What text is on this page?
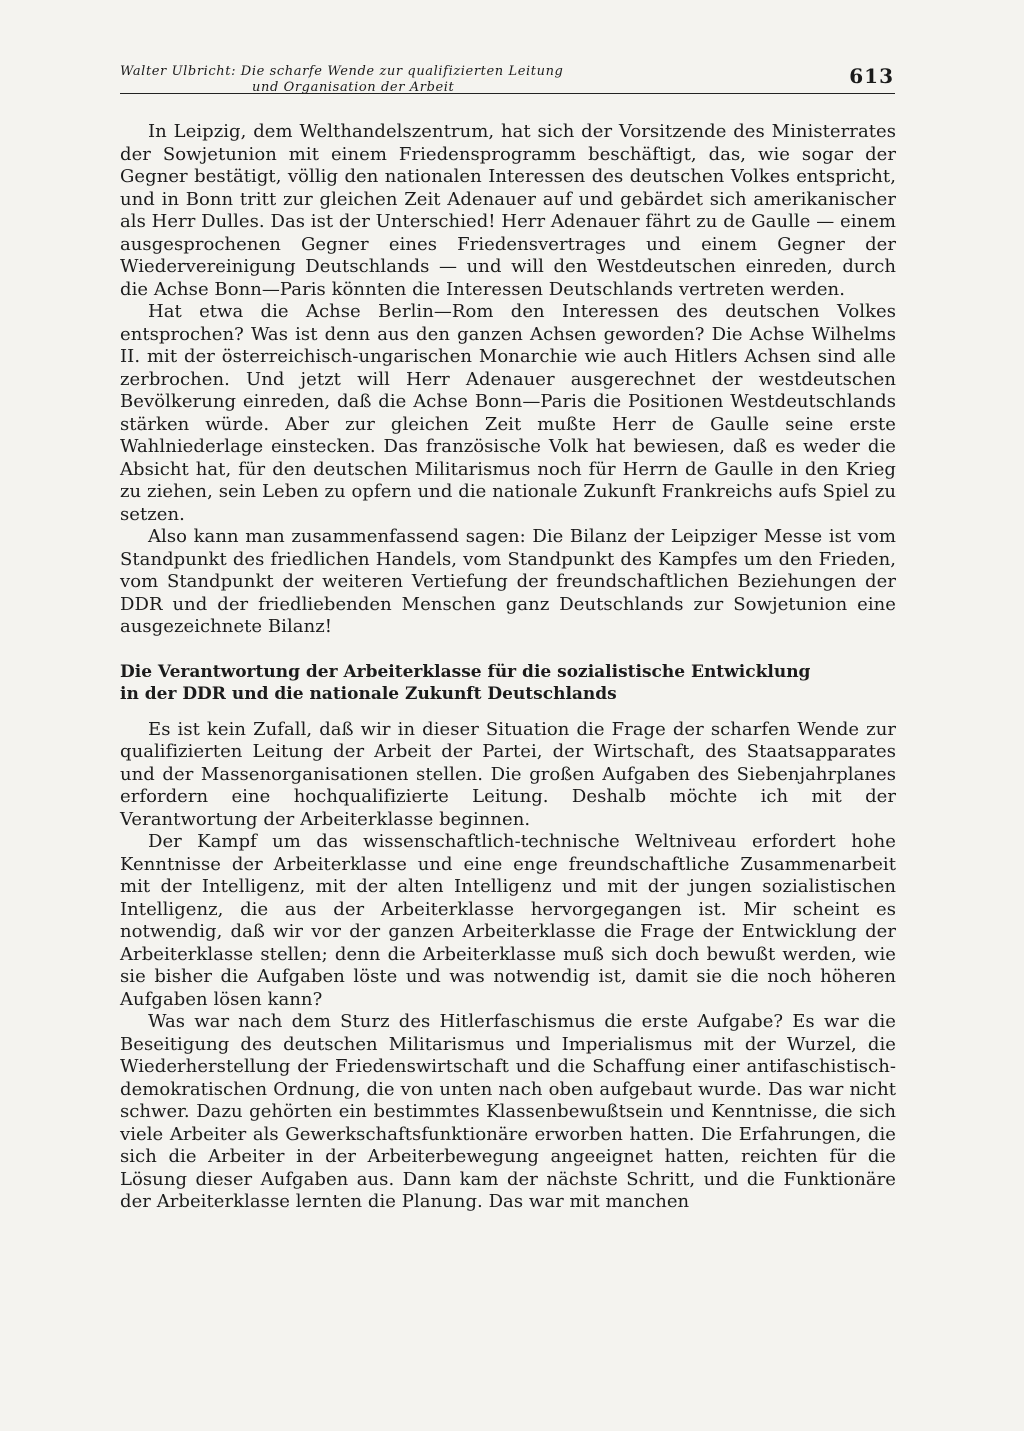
Walter Ulbricht: Die scharfe Wende zur qualifizierten Leitung
und Organisation der Arbeit	613

In Leipzig, dem Welthandelszentrum, hat sich der Vorsitzende des Ministerrates der Sowjetunion mit einem Friedensprogramm beschäftigt, das, wie sogar der Gegner bestätigt, völlig den nationalen Interessen des deutschen Volkes entspricht, und in Bonn tritt zur gleichen Zeit Adenauer auf und gebärdet sich amerikanischer als Herr Dulles. Das ist der Unterschied! Herr Adenauer fährt zu de Gaulle — einem ausgesprochenen Gegner eines Friedensvertrages und einem Gegner der Wiedervereinigung Deutschlands — und will den Westdeutschen einreden, durch die Achse Bonn—Paris könnten die Interessen Deutschlands vertreten werden.

Hat etwa die Achse Berlin—Rom den Interessen des deutschen Volkes entsprochen? Was ist denn aus den ganzen Achsen geworden? Die Achse Wilhelms II. mit der österreichisch-ungarischen Monarchie wie auch Hitlers Achsen sind alle zerbrochen. Und jetzt will Herr Adenauer ausgerechnet der westdeutschen Bevölkerung einreden, daß die Achse Bonn—Paris die Positionen Westdeutschlands stärken würde. Aber zur gleichen Zeit mußte Herr de Gaulle seine erste Wahlniederlage einstecken. Das französische Volk hat bewiesen, daß es weder die Absicht hat, für den deutschen Militarismus noch für Herrn de Gaulle in den Krieg zu ziehen, sein Leben zu opfern und die nationale Zukunft Frankreichs aufs Spiel zu setzen.

Also kann man zusammenfassend sagen: Die Bilanz der Leipziger Messe ist vom Standpunkt des friedlichen Handels, vom Standpunkt des Kampfes um den Frieden, vom Standpunkt der weiteren Vertiefung der freundschaftlichen Beziehungen der DDR und der friedliebenden Menschen ganz Deutschlands zur Sowjetunion eine ausgezeichnete Bilanz!

Die Verantwortung der Arbeiterklasse für die sozialistische Entwicklung
in der DDR und die nationale Zukunft Deutschlands

Es ist kein Zufall, daß wir in dieser Situation die Frage der scharfen Wende zur qualifizierten Leitung der Arbeit der Partei, der Wirtschaft, des Staatsapparates und der Massenorganisationen stellen. Die großen Aufgaben des Siebenjahrplanes erfordern eine hochqualifizierte Leitung. Deshalb möchte ich mit der Verantwortung der Arbeiterklasse beginnen.

Der Kampf um das wissenschaftlich-technische Weltniveau erfordert hohe Kenntnisse der Arbeiterklasse und eine enge freundschaftliche Zusammenarbeit mit der Intelligenz, mit der alten Intelligenz und mit der jungen sozialistischen Intelligenz, die aus der Arbeiterklasse hervorgegangen ist. Mir scheint es notwendig, daß wir vor der ganzen Arbeiterklasse die Frage der Entwicklung der Arbeiterklasse stellen; denn die Arbeiterklasse muß sich doch bewußt werden, wie sie bisher die Aufgaben löste und was notwendig ist, damit sie die noch höheren Aufgaben lösen kann?

Was war nach dem Sturz des Hitlerfaschismus die erste Aufgabe? Es war die Beseitigung des deutschen Militarismus und Imperialismus mit der Wurzel, die Wiederherstellung der Friedenswirtschaft und die Schaffung einer antifaschistisch-demokratischen Ordnung, die von unten nach oben aufgebaut wurde. Das war nicht schwer. Dazu gehörten ein bestimmtes Klassenbewußtsein und Kenntnisse, die sich viele Arbeiter als Gewerkschaftsfunktionäre erworben hatten. Die Erfahrungen, die sich die Arbeiter in der Arbeiterbewegung angeeignet hatten, reichten für die Lösung dieser Aufgaben aus. Dann kam der nächste Schritt, und die Funktionäre der Arbeiterklasse lernten die Planung. Das war mit manchen
